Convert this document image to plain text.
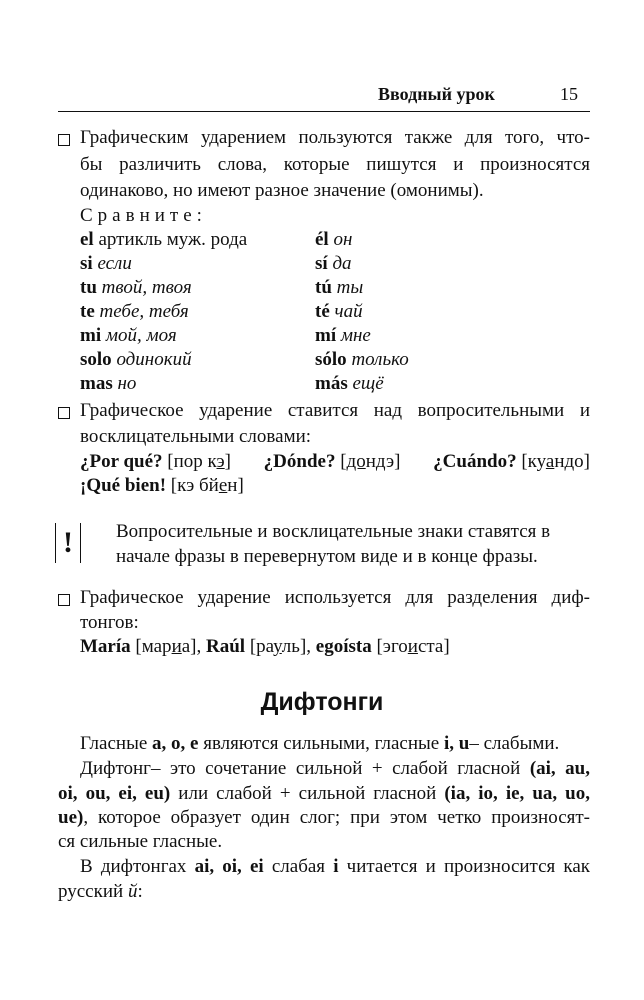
Вводный урок	15
Графическим ударением пользуются также для того, что-
бы различить слова, которые пишутся и произносятся
одинаково, но имеют разное значение (омонимы).
Сравните:
el артикль муж. рода	él он
si если	sí да
tu твой, твоя	tú ты
te тебе, тебя	té чай
mi мой, моя	mí мне
solo одинокий	sólo только
mas но	más ещё
Графическое ударение ставится над вопросительными и
восклицательными словами:
¿Por qué? [пор кэ] ¿Dónde? [дондэ] ¿Cuándo? [куандо]
¡Qué bien! [кэ бйен]
!	Вопросительные и восклицательные знаки ставятся в
начале фразы в перевернутом виде и в конце фразы.
Графическое ударение используется для разделения диф-
тонгов:
María [мариа], Raúl [рауль], egoísta [эгоиста]
Дифтонги
Гласные a, o, e являются сильными, гласные i, u– слабыми.
Дифтонг– это сочетание сильной + слабой гласной (ai, au,
oi, ou, ei, eu) или слабой + сильной гласной (ia, io, ie, ua, uo,
ue), которое образует один слог; при этом четко произносят-
ся сильные гласные.
В дифтонгах ai, oi, ei слабая i читается и произносится как
русский й:
